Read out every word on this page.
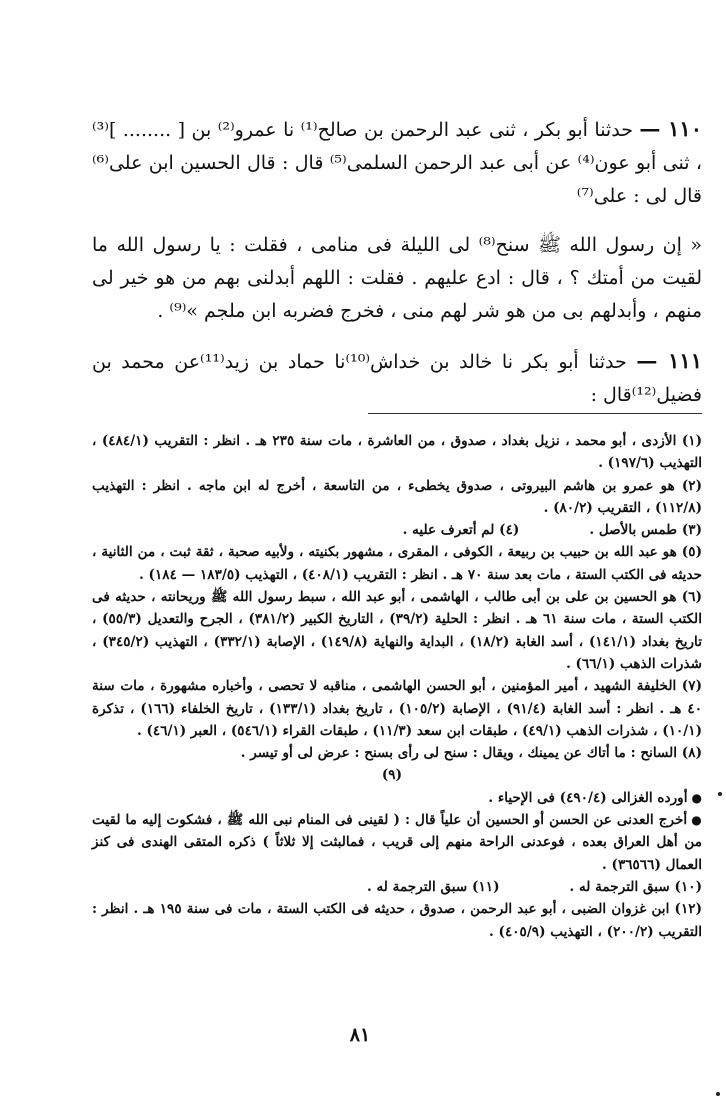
١١٠ — حدثنا أبو بكر ، ثنى عبد الرحمن بن صالح⁽¹⁾ نا عمرو⁽²⁾ بن [ ........ ]⁽³⁾ ، ثنى أبو عون⁽⁴⁾ عن أبى عبد الرحمن السلمى⁽⁵⁾ قال : قال الحسين ابن على⁽⁶⁾ قال لى : على⁽⁷⁾

« إن رسول الله ﷺ سنح⁽⁸⁾ لى الليلة فى منامى ، فقلت : يا رسول الله ما لقيت من أمتك ؟ ، قال : ادع عليهم . فقلت : اللهم أبدلنى بهم من هو خير لى منهم ، وأبدلهم بى من هو شر لهم منى ، فخرج فضربه ابن ملجم »⁽⁹⁾ .

١١١ — حدثنا أبو بكر نا خالد بن خداش⁽¹⁰⁾نا حماد بن زيد⁽¹¹⁾عن محمد بن فضيل⁽¹²⁾قال :

(١) الأزدى ، أبو محمد ، نزيل بغداد ، صدوق ، من العاشرة ، مات سنة ٢٣٥ هـ . انظر : التقريب (٤٨٤/١) ، التهذيب (١٩٧/٦) .

(٢) هو عمرو بن هاشم البيروتى ، صدوق يخطىء ، من التاسعة ، أخرج له ابن ماجه . انظر : التهذيب (١١٢/٨) ، التقريب (٨٠/٢) .

(٣) طمس بالأصل .
(٤) لم أتعرف عليه .

(٥) هو عبد الله بن حبيب بن ربيعة ، الكوفى ، المقرى ، مشهور بكنيته ، ولأبيه صحبة ، ثقة ثبت ، من الثانية ، حديثه فى الكتب الستة ، مات بعد سنة ٧٠ هـ . انظر : التقريب (٤٠٨/١) ، التهذيب (١٨٣/٥ — ١٨٤) .

(٦) هو الحسين بن على بن أبى طالب ، الهاشمى ، أبو عبد الله ، سبط رسول الله ﷺ وريحانته ، حديثه فى الكتب الستة ، مات سنة ٦١ هـ . انظر : الحلية (٣٩/٢) ، التاريخ الكبير (٣٨١/٢) ، الجرح والتعديل (٥٥/٣) ، تاريخ بغداد (١٤١/١) ، أسد الغابة (١٨/٢) ، البداية والنهاية (١٤٩/٨) ، الإصابة (٣٣٢/١) ، التهذيب (٣٤٥/٢) ، شذرات الذهب (٦٦/١) .

(٧) الخليفة الشهيد ، أمير المؤمنين ، أبو الحسن الهاشمى ، مناقبه لا تحصى ، وأخباره مشهورة ، مات سنة ٤٠ هـ . انظر : أسد الغابة (٩١/٤) ، الإصابة (١٠٥/٢) ، تاريخ بغداد (١٣٣/١) ، تاريخ الخلفاء (١٦٦) ، تذكرة (١٠/١) ، شذرات الذهب (٤٩/١) ، طبقات ابن سعد (١١/٣) ، طبقات القراء (٥٤٦/١) ، العبر (٤٦/١) .

(٨) السانح : ما أتاك عن يمينك ، ويقال : سنح لى رأى بسنح : عرض لى أو تيسر .

(٩)

● أورده الغزالى (٤٩٠/٤) فى الإحياء .

● أخرج العدنى عن الحسن أو الحسين أن علياً قال : ( لقينى فى المنام نبى الله ﷺ ، فشكوت إليه ما لقيت من أهل العراق بعده ، فوعدنى الراحة منهم إلى قريب ، فمالبثت إلا ثلاثاً ) ذكره المتقى الهندى فى كنز العمال (٣٦٥٦٦) .

(١٠) سبق الترجمة له .
(١١) سبق الترجمة له .

(١٢) ابن غزوان الضبى ، أبو عبد الرحمن ، صدوق ، حديثه فى الكتب الستة ، مات فى سنة ١٩٥ هـ . انظر : التقريب (٢٠٠/٢) ، التهذيب (٤٠٥/٩) .

٨١
